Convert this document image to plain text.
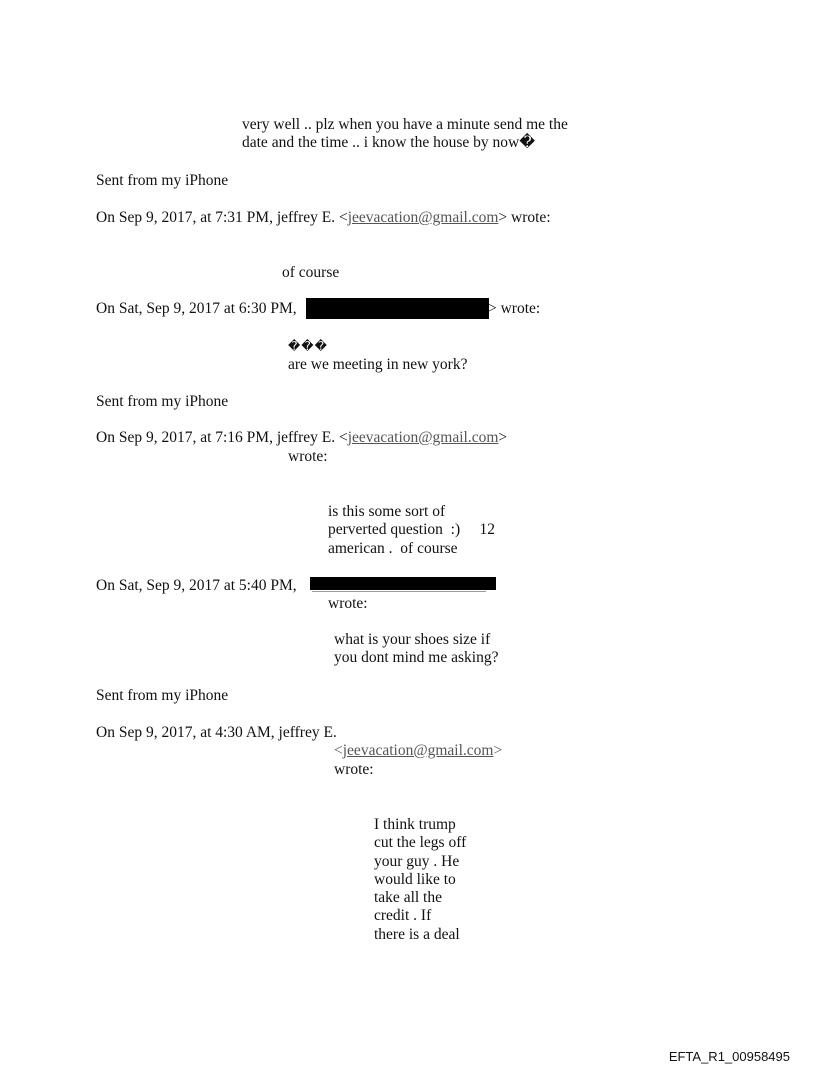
very well .. plz when you have a minute send me the
date and the time .. i know the house by now�
Sent from my iPhone
On Sep 9, 2017, at 7:31 PM, jeffrey E. <jeevacation@gmail.com> wrote:
of course
On Sat, Sep 9, 2017 at 6:30 PM,	> wrote:
���
are we meeting in new york?
Sent from my iPhone
On Sep 9, 2017, at 7:16 PM, jeffrey E. <jeevacation@gmail.com>
wrote:
is this some sort of
perverted question  :)     12
american .  of course
On Sat, Sep 9, 2017 at 5:40 PM,
wrote:
what is your shoes size if
you dont mind me asking?
Sent from my iPhone
On Sep 9, 2017, at 4:30 AM, jeffrey E.
<jeevacation@gmail.com>
wrote:
I think trump
cut the legs off
your guy . He
would like to
take all the
credit . If
there is a deal
EFTA_R1_00958495
